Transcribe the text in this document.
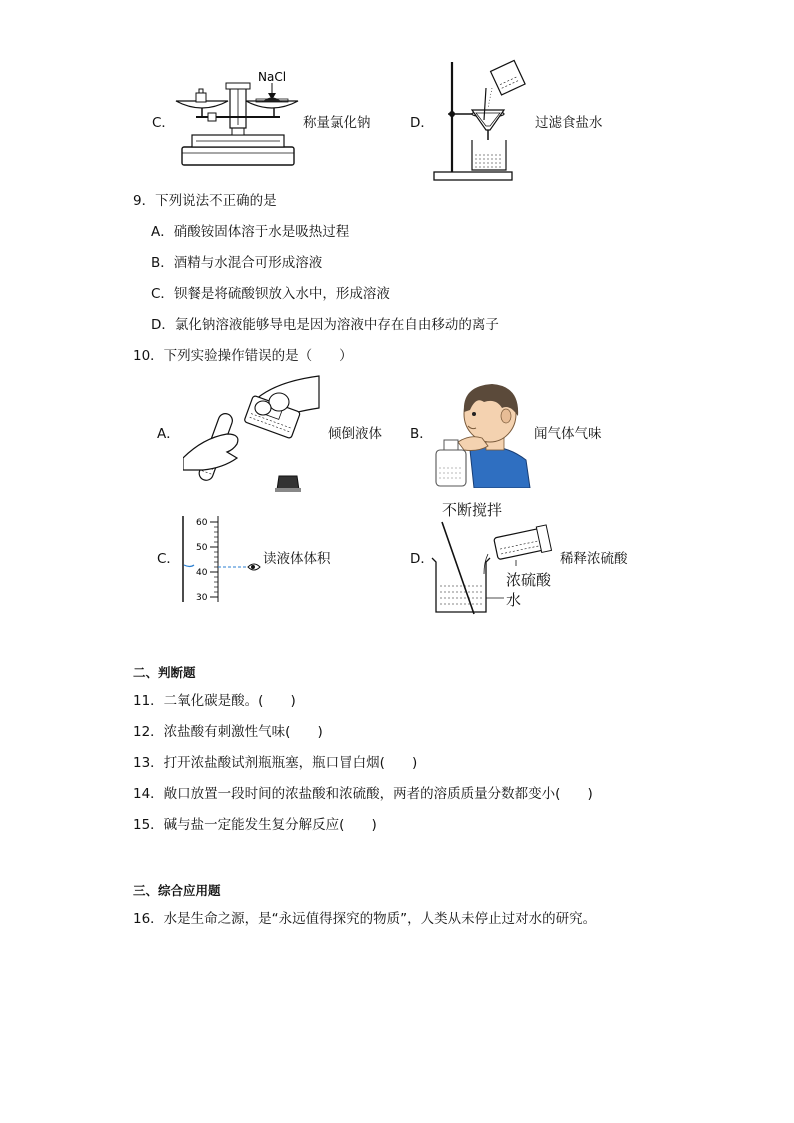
C．
NaCl
称量氯化钠	D．	过滤食盐水
9．下列说法不正确的是
A．硝酸铵固体溶于水是吸热过程
B．酒精与水混合可形成溶液
C．钡餐是将硫酸钡放入水中，形成溶液
D．氯化钠溶液能够导电是因为溶液中存在自由移动的离子
10．下列实验操作错误的是（　　）
A．	倾倒液体 B．	闻气体气味
C．
60
50
40
30
读液体体积	D．
不断搅拌
浓硫酸
水
稀释浓硫酸
二、判断题
11．二氧化碳是酸。(　　)
12．浓盐酸有刺激性气味(　　)
13．打开浓盐酸试剂瓶瓶塞，瓶口冒白烟(　　)
14．敞口放置一段时间的浓盐酸和浓硫酸，两者的溶质质量分数都变小(　　)
15．碱与盐一定能发生复分解反应(　　)
三、综合应用题
16．水是生命之源，是“永远值得探究的物质”，人类从未停止过对水的研究。
